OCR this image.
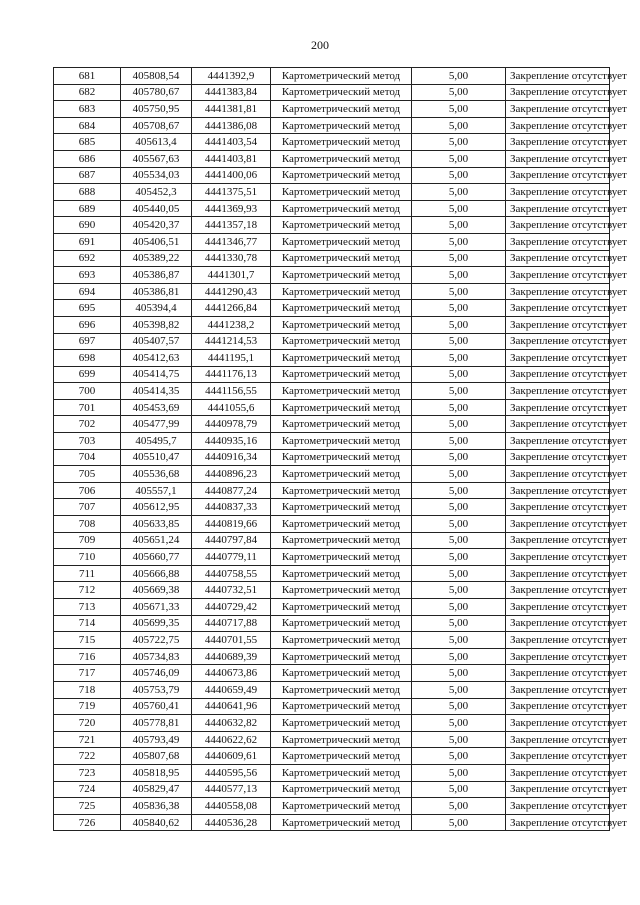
200
681	405808,54	4441392,9	Картометрический метод	5,00	Закрепление отсутствует
682	405780,67	4441383,84	Картометрический метод	5,00	Закрепление отсутствует
683	405750,95	4441381,81	Картометрический метод	5,00	Закрепление отсутствует
684	405708,67	4441386,08	Картометрический метод	5,00	Закрепление отсутствует
685	405613,4	4441403,54	Картометрический метод	5,00	Закрепление отсутствует
686	405567,63	4441403,81	Картометрический метод	5,00	Закрепление отсутствует
687	405534,03	4441400,06	Картометрический метод	5,00	Закрепление отсутствует
688	405452,3	4441375,51	Картометрический метод	5,00	Закрепление отсутствует
689	405440,05	4441369,93	Картометрический метод	5,00	Закрепление отсутствует
690	405420,37	4441357,18	Картометрический метод	5,00	Закрепление отсутствует
691	405406,51	4441346,77	Картометрический метод	5,00	Закрепление отсутствует
692	405389,22	4441330,78	Картометрический метод	5,00	Закрепление отсутствует
693	405386,87	4441301,7	Картометрический метод	5,00	Закрепление отсутствует
694	405386,81	4441290,43	Картометрический метод	5,00	Закрепление отсутствует
695	405394,4	4441266,84	Картометрический метод	5,00	Закрепление отсутствует
696	405398,82	4441238,2	Картометрический метод	5,00	Закрепление отсутствует
697	405407,57	4441214,53	Картометрический метод	5,00	Закрепление отсутствует
698	405412,63	4441195,1	Картометрический метод	5,00	Закрепление отсутствует
699	405414,75	4441176,13	Картометрический метод	5,00	Закрепление отсутствует
700	405414,35	4441156,55	Картометрический метод	5,00	Закрепление отсутствует
701	405453,69	4441055,6	Картометрический метод	5,00	Закрепление отсутствует
702	405477,99	4440978,79	Картометрический метод	5,00	Закрепление отсутствует
703	405495,7	4440935,16	Картометрический метод	5,00	Закрепление отсутствует
704	405510,47	4440916,34	Картометрический метод	5,00	Закрепление отсутствует
705	405536,68	4440896,23	Картометрический метод	5,00	Закрепление отсутствует
706	405557,1	4440877,24	Картометрический метод	5,00	Закрепление отсутствует
707	405612,95	4440837,33	Картометрический метод	5,00	Закрепление отсутствует
708	405633,85	4440819,66	Картометрический метод	5,00	Закрепление отсутствует
709	405651,24	4440797,84	Картометрический метод	5,00	Закрепление отсутствует
710	405660,77	4440779,11	Картометрический метод	5,00	Закрепление отсутствует
711	405666,88	4440758,55	Картометрический метод	5,00	Закрепление отсутствует
712	405669,38	4440732,51	Картометрический метод	5,00	Закрепление отсутствует
713	405671,33	4440729,42	Картометрический метод	5,00	Закрепление отсутствует
714	405699,35	4440717,88	Картометрический метод	5,00	Закрепление отсутствует
715	405722,75	4440701,55	Картометрический метод	5,00	Закрепление отсутствует
716	405734,83	4440689,39	Картометрический метод	5,00	Закрепление отсутствует
717	405746,09	4440673,86	Картометрический метод	5,00	Закрепление отсутствует
718	405753,79	4440659,49	Картометрический метод	5,00	Закрепление отсутствует
719	405760,41	4440641,96	Картометрический метод	5,00	Закрепление отсутствует
720	405778,81	4440632,82	Картометрический метод	5,00	Закрепление отсутствует
721	405793,49	4440622,62	Картометрический метод	5,00	Закрепление отсутствует
722	405807,68	4440609,61	Картометрический метод	5,00	Закрепление отсутствует
723	405818,95	4440595,56	Картометрический метод	5,00	Закрепление отсутствует
724	405829,47	4440577,13	Картометрический метод	5,00	Закрепление отсутствует
725	405836,38	4440558,08	Картометрический метод	5,00	Закрепление отсутствует
726	405840,62	4440536,28	Картометрический метод	5,00	Закрепление отсутствует
